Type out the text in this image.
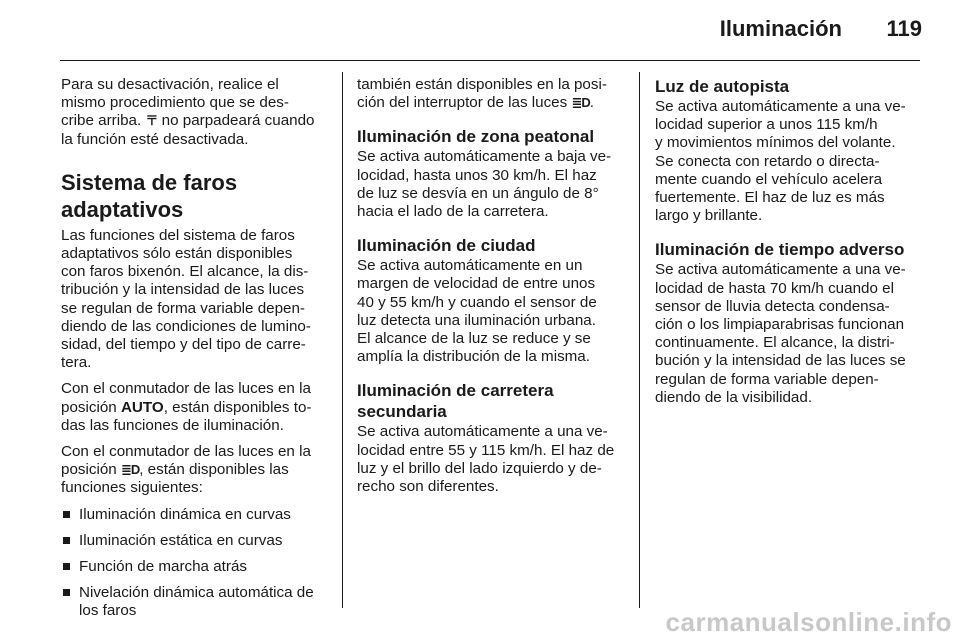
Iluminación 119

Para su desactivación, realice el
mismo procedimiento que se des-
cribe arriba. 〒 no parpadeará cuando
la función esté desactivada.

Sistema de faros
adaptativos

Las funciones del sistema de faros
adaptativos sólo están disponibles
con faros bixenón. El alcance, la dis-
tribución y la intensidad de las luces
se regulan de forma variable depen-
diendo de las condiciones de lumino-
sidad, del tiempo y del tipo de carre-
tera.

Con el conmutador de las luces en la
posición AUTO, están disponibles to-
das las funciones de iluminación.

Con el conmutador de las luces en la
posición ≣D, están disponibles las
funciones siguientes:

Iluminación dinámica en curvas
Iluminación estática en curvas
Función de marcha atrás
Nivelación dinámica automática de
los faros

también están disponibles en la posi-
ción del interruptor de las luces ≣D.

Iluminación de zona peatonal

Se activa automáticamente a baja ve-
locidad, hasta unos 30 km/h. El haz
de luz se desvía en un ángulo de 8°
hacia el lado de la carretera.

Iluminación de ciudad

Se activa automáticamente en un
margen de velocidad de entre unos
40 y 55 km/h y cuando el sensor de
luz detecta una iluminación urbana.
El alcance de la luz se reduce y se
amplía la distribución de la misma.

Iluminación de carretera
secundaria

Se activa automáticamente a una ve-
locidad entre 55 y 115 km/h. El haz de
luz y el brillo del lado izquierdo y de-
recho son diferentes.

Luz de autopista

Se activa automáticamente a una ve-
locidad superior a unos 115 km/h
y movimientos mínimos del volante.
Se conecta con retardo o directa-
mente cuando el vehículo acelera
fuertemente. El haz de luz es más
largo y brillante.

Iluminación de tiempo adverso

Se activa automáticamente a una ve-
locidad de hasta 70 km/h cuando el
sensor de lluvia detecta condensa-
ción o los limpiaparabrisas funcionan
continuamente. El alcance, la distri-
bución y la intensidad de las luces se
regulan de forma variable depen-
diendo de la visibilidad.

carmanualsonline.info
